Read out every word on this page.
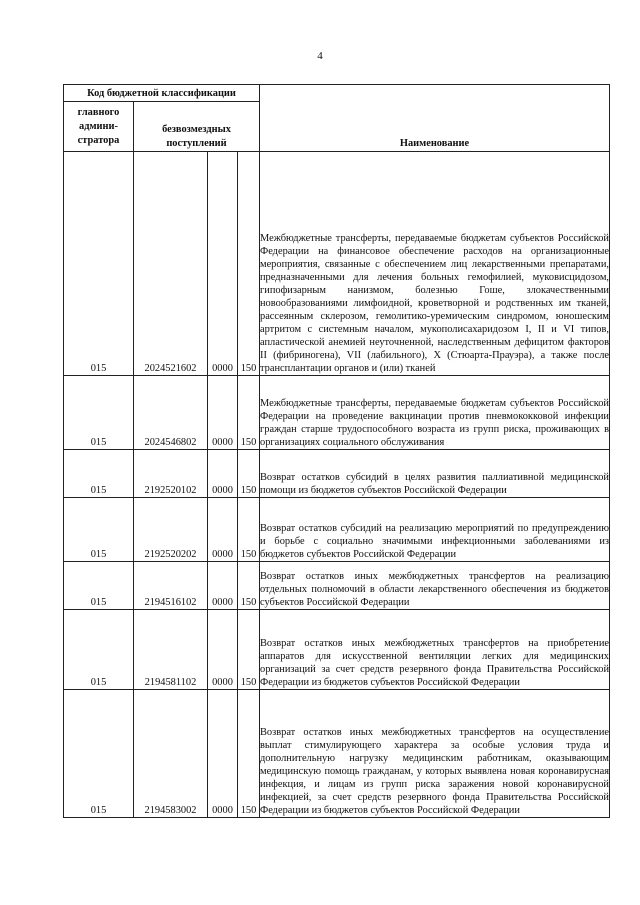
4
Код бюджетной классификации				Наименование
главного админи-стратора	безвозмездных поступлений			
015	2024521602	0000	150	Межбюджетные трансферты, передаваемые бюджетам субъектов Российской Федерации на финансовое обеспечение расходов на организационные мероприятия, связанные с обеспечением лиц лекарственными препаратами, предназначенными для лечения больных гемофилией, муковисцидозом, гипофизарным нанизмом, болезнью Гоше, злокачественными новообразованиями лимфоидной, кроветворной и родственных им тканей, рассеянным склерозом, гемолитико-уремическим синдромом, юношеским артритом с системным началом, мукополисахаридозом I, II и VI типов, апластической анемией неуточненной, наследственным дефицитом факторов II (фибриногена), VII (лабильного), X (Стюарта-Прауэра), а также после трансплантации органов и (или) тканей

015	2024546802	0000	150	Межбюджетные трансферты, передаваемые бюджетам субъектов Российской Федерации на проведение вакцинации против пневмококковой инфекции граждан старше трудоспособного возраста из групп риска, проживающих в организациях социального обслуживания

015	2192520102	0000	150	Возврат остатков субсидий в целях развития паллиативной медицинской помощи из бюджетов субъектов Российской Федерации

015	2192520202	0000	150	Возврат остатков субсидий на реализацию мероприятий по предупреждению и борьбе с социально значимыми инфекционными заболеваниями из бюджетов субъектов Российской Федерации

015	2194516102	0000	150	Возврат остатков иных межбюджетных трансфертов на реализацию отдельных полномочий в области лекарственного обеспечения из бюджетов субъектов Российской Федерации

015	2194581102	0000	150	Возврат остатков иных межбюджетных трансфертов на приобретение аппаратов для искусственной вентиляции легких для медицинских организаций за счет средств резервного фонда Правительства Российской Федерации из бюджетов субъектов Российской Федерации

015	2194583002	0000	150	Возврат остатков иных межбюджетных трансфертов на осуществление выплат стимулирующего характера за особые условия труда и дополнительную нагрузку медицинским работникам, оказывающим медицинскую помощь гражданам, у которых выявлена новая коронавирусная инфекция, и лицам из групп риска заражения новой коронавирусной инфекцией, за счет средств резервного фонда Правительства Российской Федерации из бюджетов субъектов Российской Федерации
